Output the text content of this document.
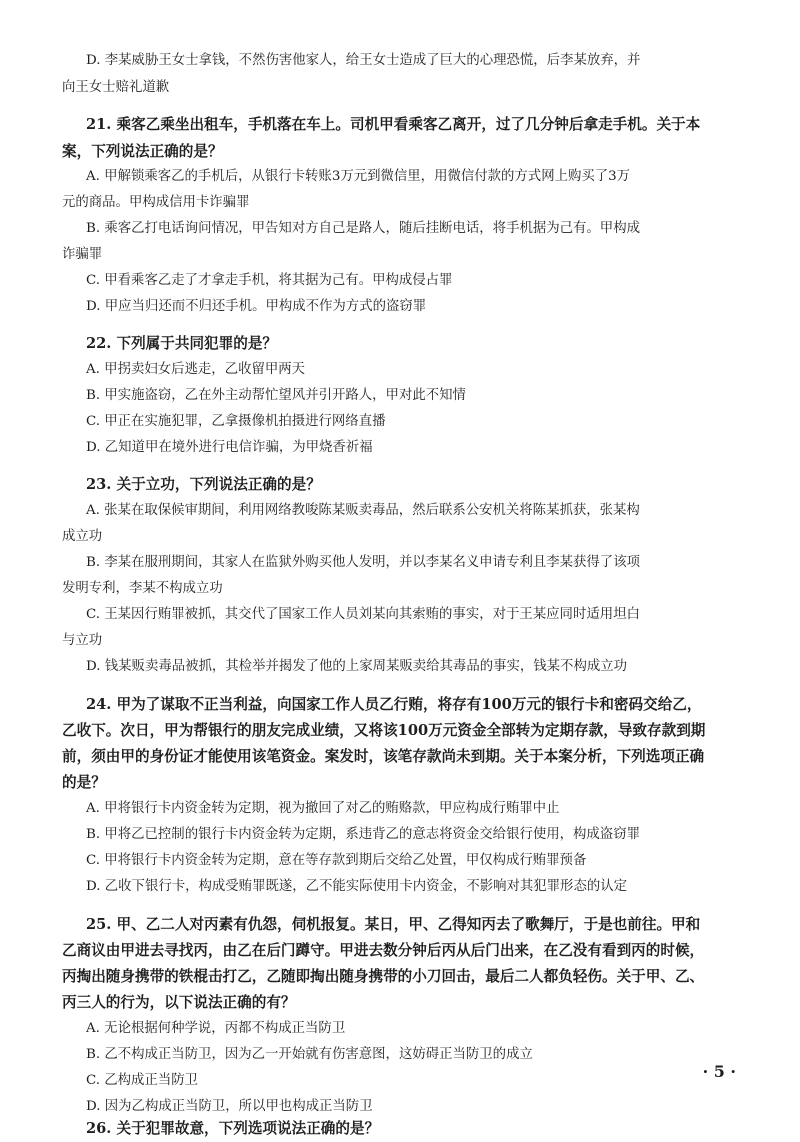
D. 李某威胁王女士拿钱，不然伤害他家人，给王女士造成了巨大的心理恐慌，后李某放弃，并
向王女士赔礼道歉
21. 乘客乙乘坐出租车，手机落在车上。司机甲看乘客乙离开，过了几分钟后拿走手机。关于本
案，下列说法正确的是？
A. 甲解锁乘客乙的手机后，从银行卡转账3万元到微信里，用微信付款的方式网上购买了3万
元的商品。甲构成信用卡诈骗罪
B. 乘客乙打电话询问情况，甲告知对方自己是路人，随后挂断电话，将手机据为己有。甲构成
诈骗罪
C. 甲看乘客乙走了才拿走手机，将其据为己有。甲构成侵占罪
D. 甲应当归还而不归还手机。甲构成不作为方式的盗窃罪
22. 下列属于共同犯罪的是？
A. 甲拐卖妇女后逃走，乙收留甲两天
B. 甲实施盗窃，乙在外主动帮忙望风并引开路人，甲对此不知情
C. 甲正在实施犯罪，乙拿摄像机拍摄进行网络直播
D. 乙知道甲在境外进行电信诈骗，为甲烧香祈福
23. 关于立功，下列说法正确的是？
A. 张某在取保候审期间，利用网络教唆陈某贩卖毒品，然后联系公安机关将陈某抓获，张某构
成立功
B. 李某在服刑期间，其家人在监狱外购买他人发明，并以李某名义申请专利且李某获得了该项
发明专利，李某不构成立功
C. 王某因行贿罪被抓，其交代了国家工作人员刘某向其索贿的事实，对于王某应同时适用坦白
与立功
D. 钱某贩卖毒品被抓，其检举并揭发了他的上家周某贩卖给其毒品的事实，钱某不构成立功
24. 甲为了谋取不正当利益，向国家工作人员乙行贿，将存有100万元的银行卡和密码交给乙，
乙收下。次日，甲为帮银行的朋友完成业绩，又将该100万元资金全部转为定期存款，导致存款到期
前，须由甲的身份证才能使用该笔资金。案发时，该笔存款尚未到期。关于本案分析，下列选项正确
的是？
A. 甲将银行卡内资金转为定期，视为撤回了对乙的贿赂款，甲应构成行贿罪中止
B. 甲将乙已控制的银行卡内资金转为定期，系违背乙的意志将资金交给银行使用，构成盗窃罪
C. 甲将银行卡内资金转为定期，意在等存款到期后交给乙处置，甲仅构成行贿罪预备
D. 乙收下银行卡，构成受贿罪既遂，乙不能实际使用卡内资金，不影响对其犯罪形态的认定
25. 甲、乙二人对丙素有仇怨，伺机报复。某日，甲、乙得知丙去了歌舞厅，于是也前往。甲和
乙商议由甲进去寻找丙，由乙在后门蹲守。甲进去数分钟后丙从后门出来，在乙没有看到丙的时候，
丙掏出随身携带的铁棍击打乙，乙随即掏出随身携带的小刀回击，最后二人都负轻伤。关于甲、乙、
丙三人的行为，以下说法正确的有？
A. 无论根据何种学说，丙都不构成正当防卫
B. 乙不构成正当防卫，因为乙一开始就有伤害意图，这妨碍正当防卫的成立
C. 乙构成正当防卫
D. 因为乙构成正当防卫，所以甲也构成正当防卫
26. 关于犯罪故意，下列选项说法正确的是？
· 5 ·
